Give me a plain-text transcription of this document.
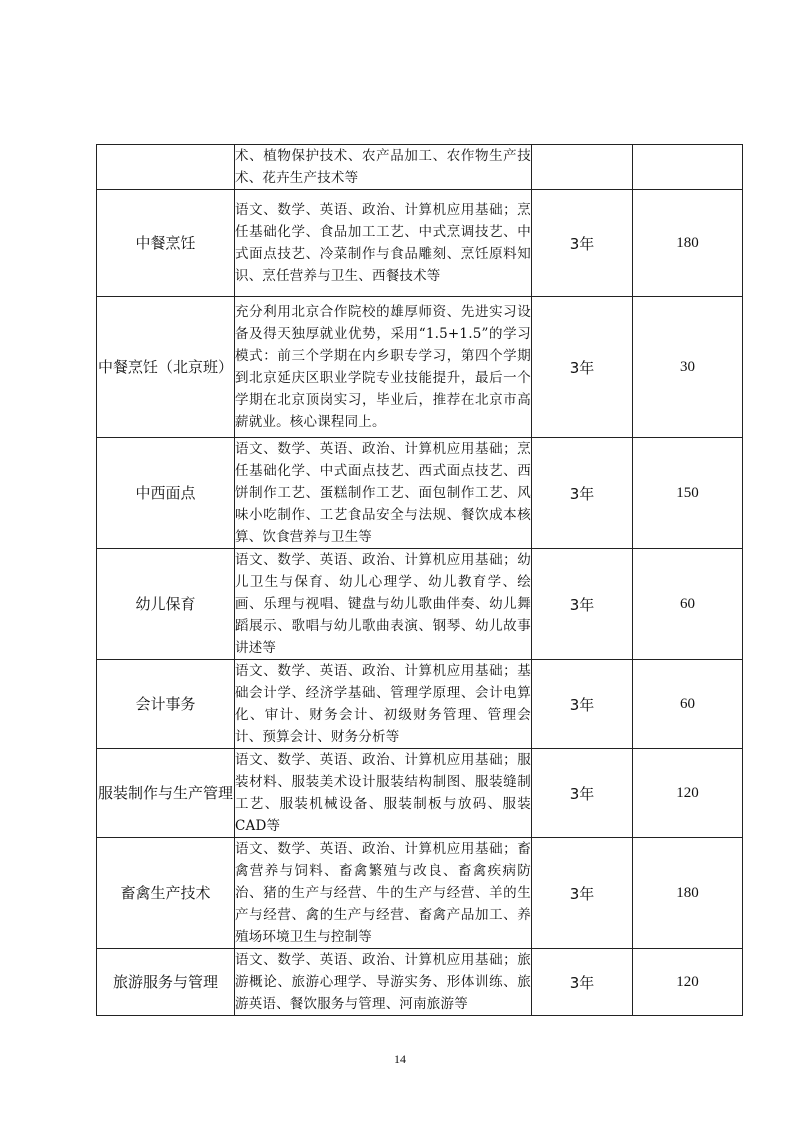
	术、植物保护技术、农产品加工、农作物生产技术、花卉生产技术等		
中餐烹饪	语文、数学、英语、政治、计算机应用基础；烹任基础化学、食品加工工艺、中式烹调技艺、中式面点技艺、冷菜制作与食品雕刻、烹饪原料知识、烹任营养与卫生、西餐技术等	3年	180
中餐烹饪（北京班）	充分利用北京合作院校的雄厚师资、先进实习设备及得天独厚就业优势，采用“1.5+1.5”的学习模式：前三个学期在内乡职专学习，第四个学期到北京延庆区职业学院专业技能提升，最后一个学期在北京顶岗实习，毕业后，推荐在北京市高薪就业。核心课程同上。	3年	30
中西面点	语文、数学、英语、政治、计算机应用基础；烹任基础化学、中式面点技艺、西式面点技艺、西饼制作工艺、蛋糕制作工艺、面包制作工艺、风味小吃制作、工艺食品安全与法规、餐饮成本核算、饮食营养与卫生等	3年	150
幼儿保育	语文、数学、英语、政治、计算机应用基础；幼儿卫生与保育、幼儿心理学、幼儿教育学、绘画、乐理与视唱、键盘与幼儿歌曲伴奏、幼儿舞蹈展示、歌唱与幼儿歌曲表演、钢琴、幼儿故事讲述等	3年	60
会计事务	语文、数学、英语、政治、计算机应用基础；基础会计学、经济学基础、管理学原理、会计电算化、审计、财务会计、初级财务管理、管理会计、预算会计、财务分析等	3年	60
服装制作与生产管理	语文、数学、英语、政治、计算机应用基础；服装材料、服装美术设计服装结构制图、服装缝制工艺、服装机械设备、服装制板与放码、服装CAD等	3年	120
畜禽生产技术	语文、数学、英语、政治、计算机应用基础；畜禽营养与饲料、畜禽繁殖与改良、畜禽疾病防治、猪的生产与经营、牛的生产与经营、羊的生产与经营、禽的生产与经营、畜禽产品加工、养殖场环境卫生与控制等	3年	180
旅游服务与管理	语文、数学、英语、政治、计算机应用基础；旅游概论、旅游心理学、导游实务、形体训练、旅游英语、餐饮服务与管理、河南旅游等	3年	120
14
